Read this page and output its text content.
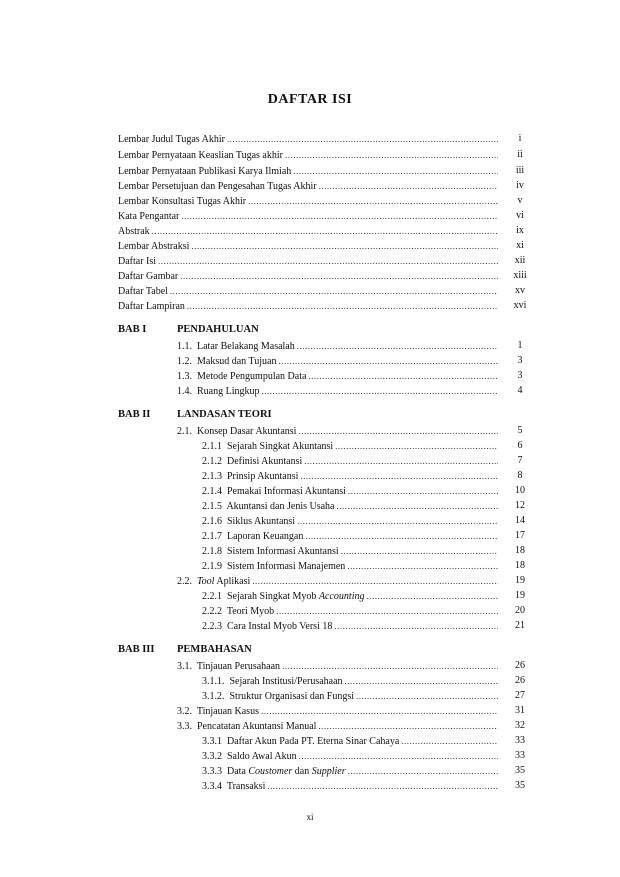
DAFTAR ISI
Lembar Judul Tugas Akhir .....	i
Lembar Pernyataan Keaslian Tugas akhir .....	ii
Lembar Pernyataan Publikasi Karya Ilmiah .....	iii
Lembar Persetujuan dan Pengesahan Tugas Akhir .....	iv
Lembar Konsultasi Tugas Akhir .....	v
Kata Pengantar .....	vi
Abstrak .....	ix
Lembar Abstraksi .....	xi
Daftar Isi .....	xii
Daftar Gambar .....	xiii
Daftar Tabel .....	xv
Daftar Lampiran .....	xvi
BAB I	PENDAHULUAN
1.1. Latar Belakang Masalah .....	1
1.2. Maksud dan Tujuan .....	3
1.3. Metode Pengumpulan Data .....	3
1.4. Ruang Lingkup .....	4
BAB II	LANDASAN TEORI
2.1. Konsep Dasar Akuntansi .....	5
2.1.1 Sejarah Singkat Akuntansi .....	6
2.1.2 Definisi Akuntansi .....	7
2.1.3 Prinsip Akuntansi .....	8
2.1.4 Pemakai Informasi Akuntansi .....	10
2.1.5 Akuntansi dan Jenis Usaha .....	12
2.1.6 Siklus Akuntansi .....	14
2.1.7 Laporan Keuangan .....	17
2.1.8 Sistem Informasi Akuntansi .....	18
2.1.9 Sistem Informasi Manajemen .....	18
2.2. Tool Aplikasi .....	19
2.2.1 Sejarah Singkat Myob Accounting .....	19
2.2.2 Teori Myob .....	20
2.2.3 Cara Instal Myob Versi 18 .....	21
BAB III PEMBAHASAN
3.1. Tinjauan Perusahaan .....	26
3.1.1. Sejarah Institusi/Perusahaan .....	26
3.1.2. Struktur Organisasi dan Fungsi .....	27
3.2. Tinjauan Kasus .....	31
3.3. Pencatatan Akuntansi Manual .....	32
3.3.1 Daftar Akun Pada PT. Eterna Sinar Cahaya .....	33
3.3.2 Saldo Awal Akun .....	33
3.3.3 Data Coustomer dan Supplier .....	35
3.3.4 Transaksi .....	35
xi
